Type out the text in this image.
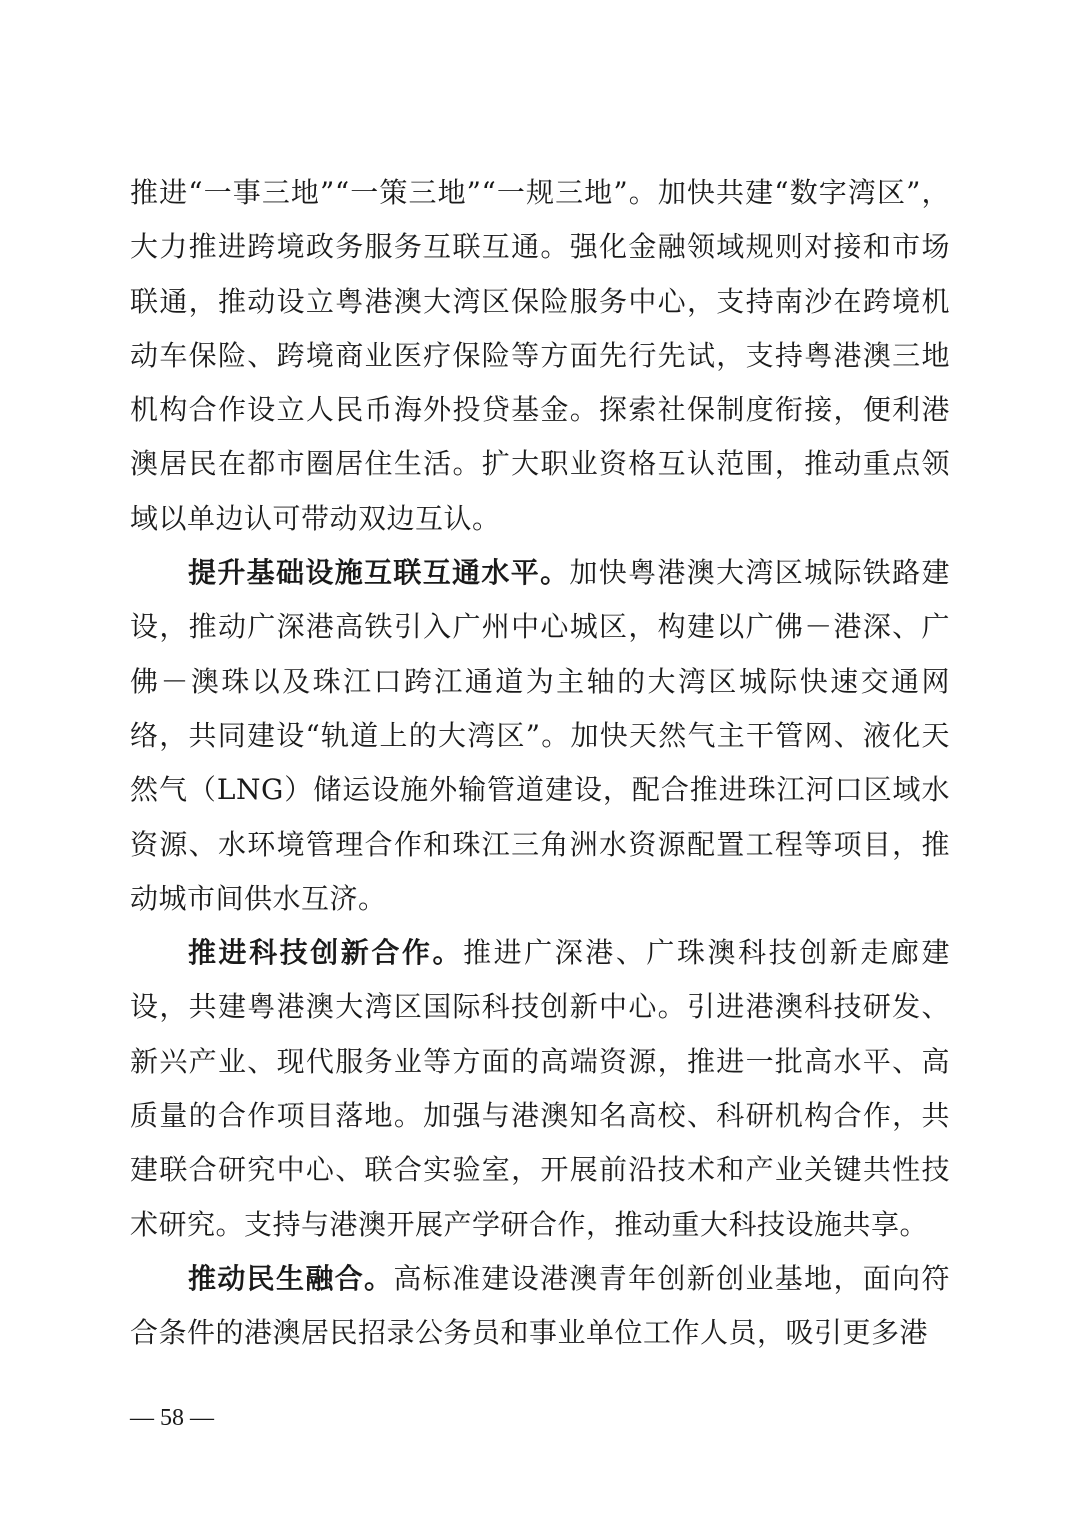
推进“一事三地”“一策三地”“一规三地”。加快共建“数字湾区”，大力推进跨境政务服务互联互通。强化金融领域规则对接和市场联通，推动设立粤港澳大湾区保险服务中心，支持南沙在跨境机动车保险、跨境商业医疗保险等方面先行先试，支持粤港澳三地机构合作设立人民币海外投贷基金。探索社保制度衔接，便利港澳居民在都市圈居住生活。扩大职业资格互认范围，推动重点领域以单边认可带动双边互认。

提升基础设施互联互通水平。加快粤港澳大湾区城际铁路建设，推动广深港高铁引入广州中心城区，构建以广佛－港深、广佛－澳珠以及珠江口跨江通道为主轴的大湾区城际快速交通网络，共同建设“轨道上的大湾区”。加快天然气主干管网、液化天然气（LNG）储运设施外输管道建设，配合推进珠江河口区域水资源、水环境管理合作和珠江三角洲水资源配置工程等项目，推动城市间供水互济。

推进科技创新合作。推进广深港、广珠澳科技创新走廊建设，共建粤港澳大湾区国际科技创新中心。引进港澳科技研发、新兴产业、现代服务业等方面的高端资源，推进一批高水平、高质量的合作项目落地。加强与港澳知名高校、科研机构合作，共建联合研究中心、联合实验室，开展前沿技术和产业关键共性技术研究。支持与港澳开展产学研合作，推动重大科技设施共享。

推动民生融合。高标准建设港澳青年创新创业基地，面向符合条件的港澳居民招录公务员和事业单位工作人员，吸引更多港

— 58 —
